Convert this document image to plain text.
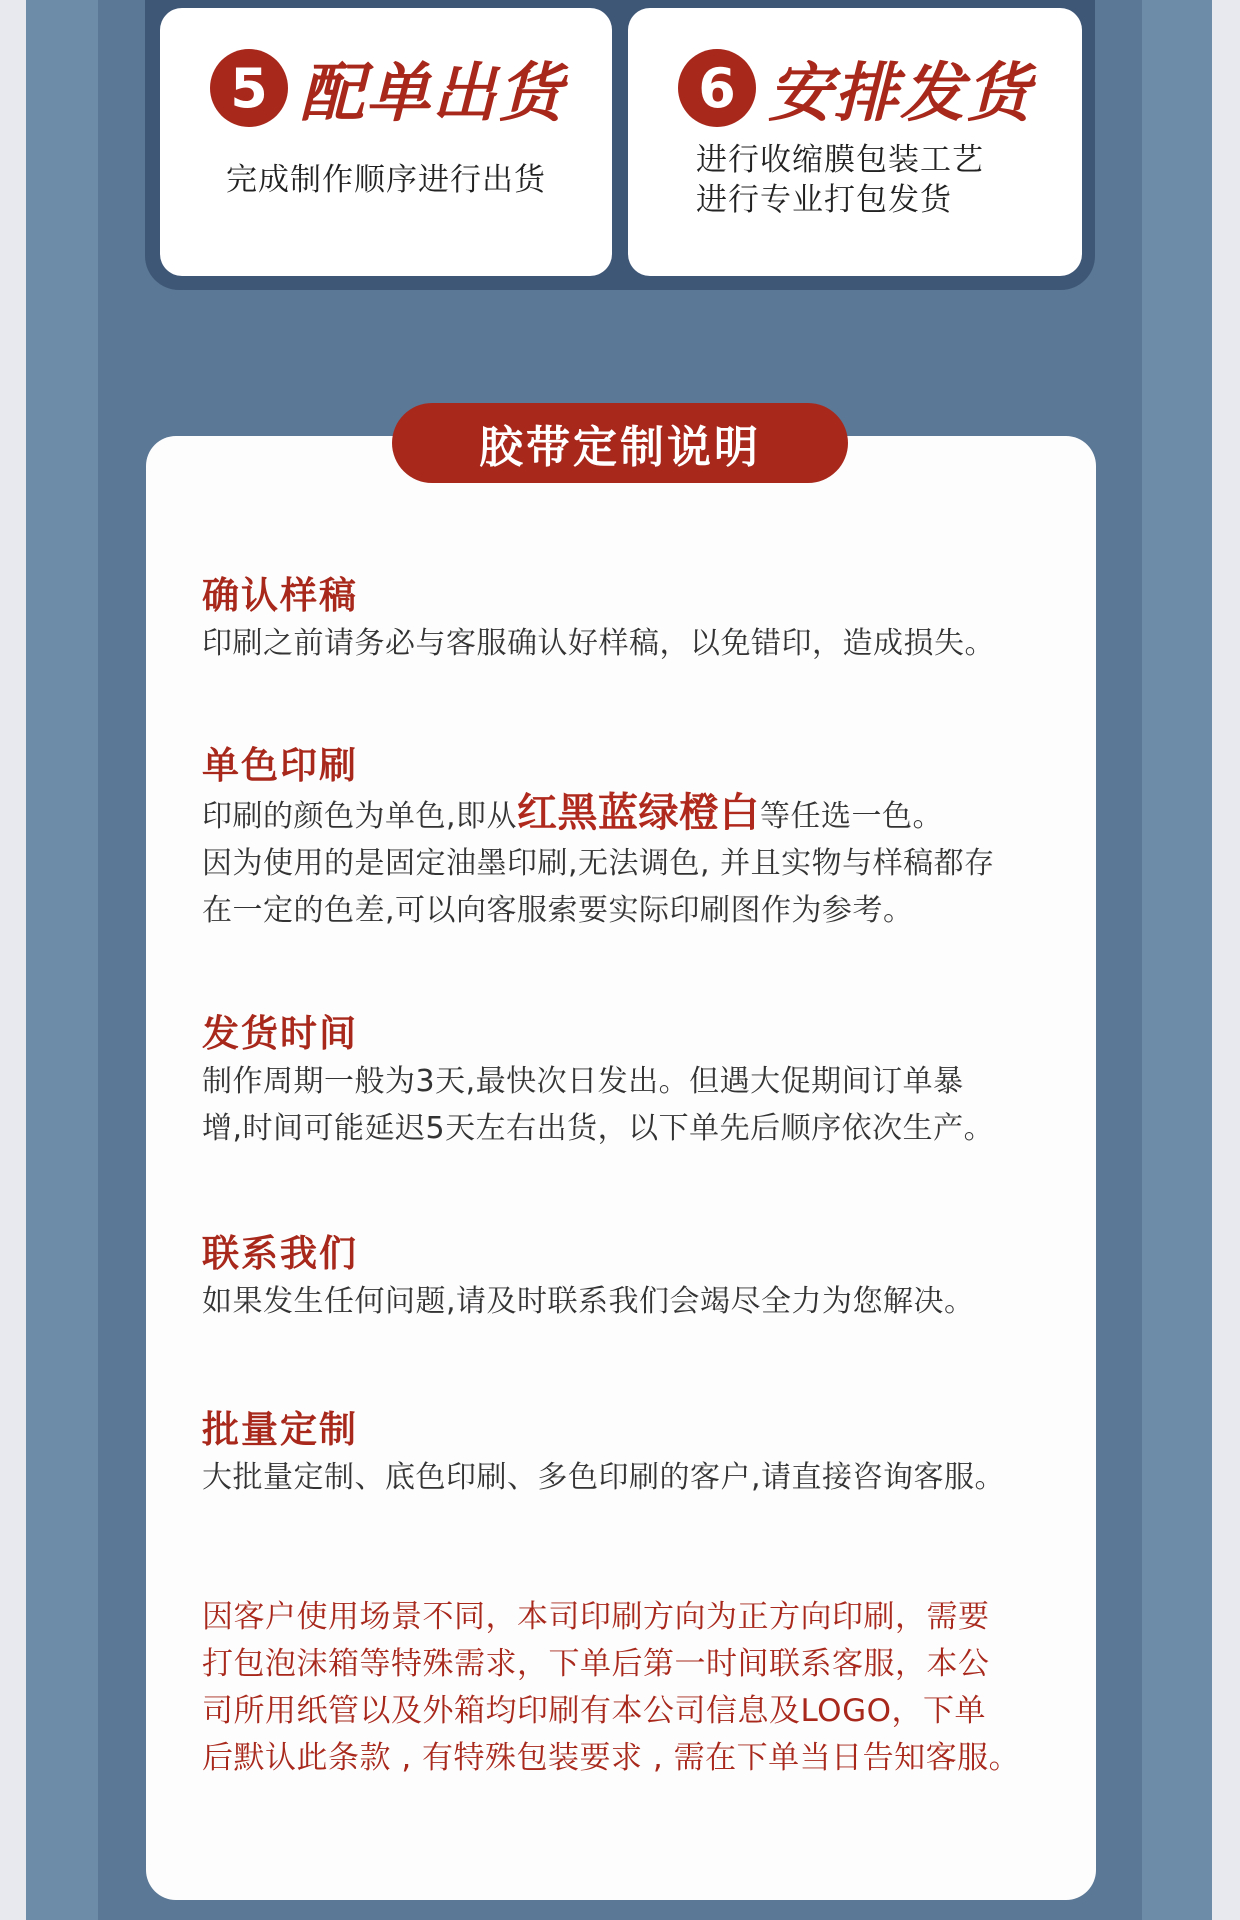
5 配单出货
完成制作顺序进行出货
6 安排发货
进行收缩膜包装工艺
进行专业打包发货
胶带定制说明
确认样稿
印刷之前请务必与客服确认好样稿，以免错印，造成损失。
单色印刷
印刷的颜色为单色,即从红黑蓝绿橙白等任选一色。
因为使用的是固定油墨印刷,无法调色, 并且实物与样稿都存
在一定的色差,可以向客服索要实际印刷图作为参考。
发货时间
制作周期一般为3天,最快次日发出。但遇大促期间订单暴
增,时间可能延迟5天左右出货，以下单先后顺序依次生产。
联系我们
如果发生任何问题,请及时联系我们会竭尽全力为您解决。
批量定制
大批量定制、底色印刷、多色印刷的客户,请直接咨询客服。
因客户使用场景不同，本司印刷方向为正方向印刷，需要
打包泡沫箱等特殊需求，下单后第一时间联系客服，本公
司所用纸管以及外箱均印刷有本公司信息及LOGO，下单
后默认此条款 , 有特殊包装要求 , 需在下单当日告知客服。
